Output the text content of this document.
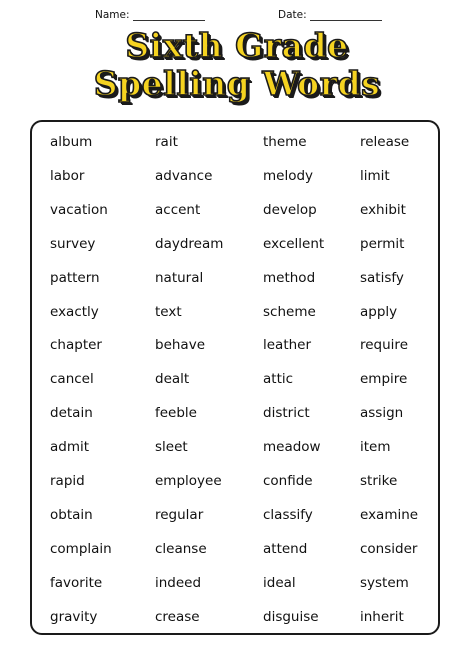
Name:	Date:
Sixth Grade
Spelling Words
album	rait	theme	release
labor	advance	melody	limit
vacation	accent	develop	exhibit
survey	daydream	excellent	permit
pattern	natural	method	satisfy
exactly	text	scheme	apply
chapter	behave	leather	require
cancel	dealt	attic	empire
detain	feeble	district	assign
admit	sleet	meadow	item
rapid	employee	confide	strike
obtain	regular	classify	examine
complain	cleanse	attend	consider
favorite	indeed	ideal	system
gravity	crease	disguise	inherit
